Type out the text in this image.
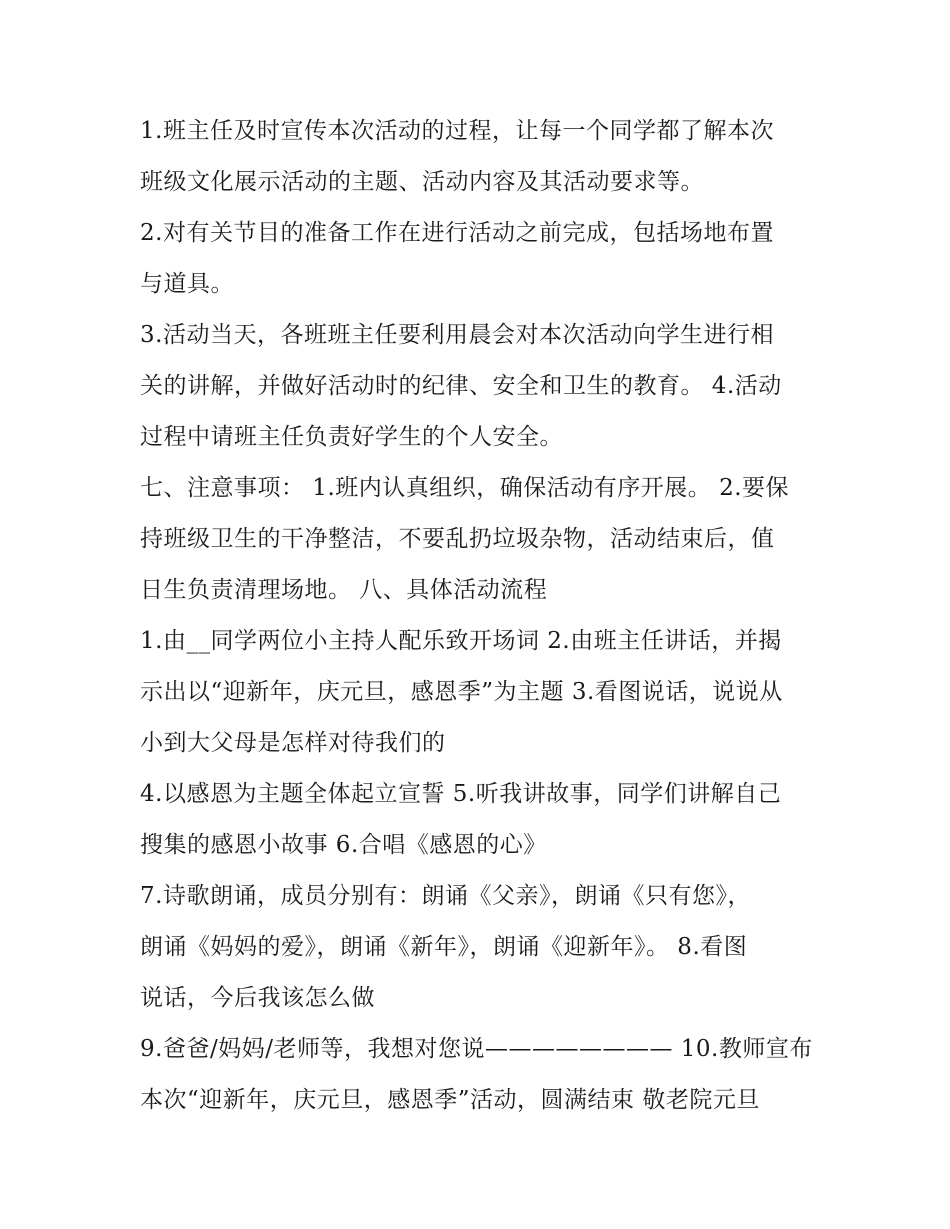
1.班主任及时宣传本次活动的过程，让每一个同学都了解本次
班级文化展示活动的主题、活动内容及其活动要求等。
2.对有关节目的准备工作在进行活动之前完成，包括场地布置
与道具。
3.活动当天，各班班主任要利用晨会对本次活动向学生进行相
关的讲解，并做好活动时的纪律、安全和卫生的教育。 4.活动
过程中请班主任负责好学生的个人安全。
七、注意事项： 1.班内认真组织，确保活动有序开展。 2.要保
持班级卫生的干净整洁，不要乱扔垃圾杂物，活动结束后，值
日生负责清理场地。 八、具体活动流程
1.由__同学两位小主持人配乐致开场词 2.由班主任讲话，并揭
示出以“迎新年，庆元旦，感恩季”为主题 3.看图说话，说说从
小到大父母是怎样对待我们的
4.以感恩为主题全体起立宣誓 5.听我讲故事，同学们讲解自己
搜集的感恩小故事 6.合唱《感恩的心》
7.诗歌朗诵，成员分别有：朗诵《父亲》，朗诵《只有您》，
朗诵《妈妈的爱》，朗诵《新年》，朗诵《迎新年》。 8.看图
说话，今后我该怎么做
9.爸爸/妈妈/老师等，我想对您说———————— 10.教师宣布
本次“迎新年，庆元旦，感恩季”活动，圆满结束 敬老院元旦
